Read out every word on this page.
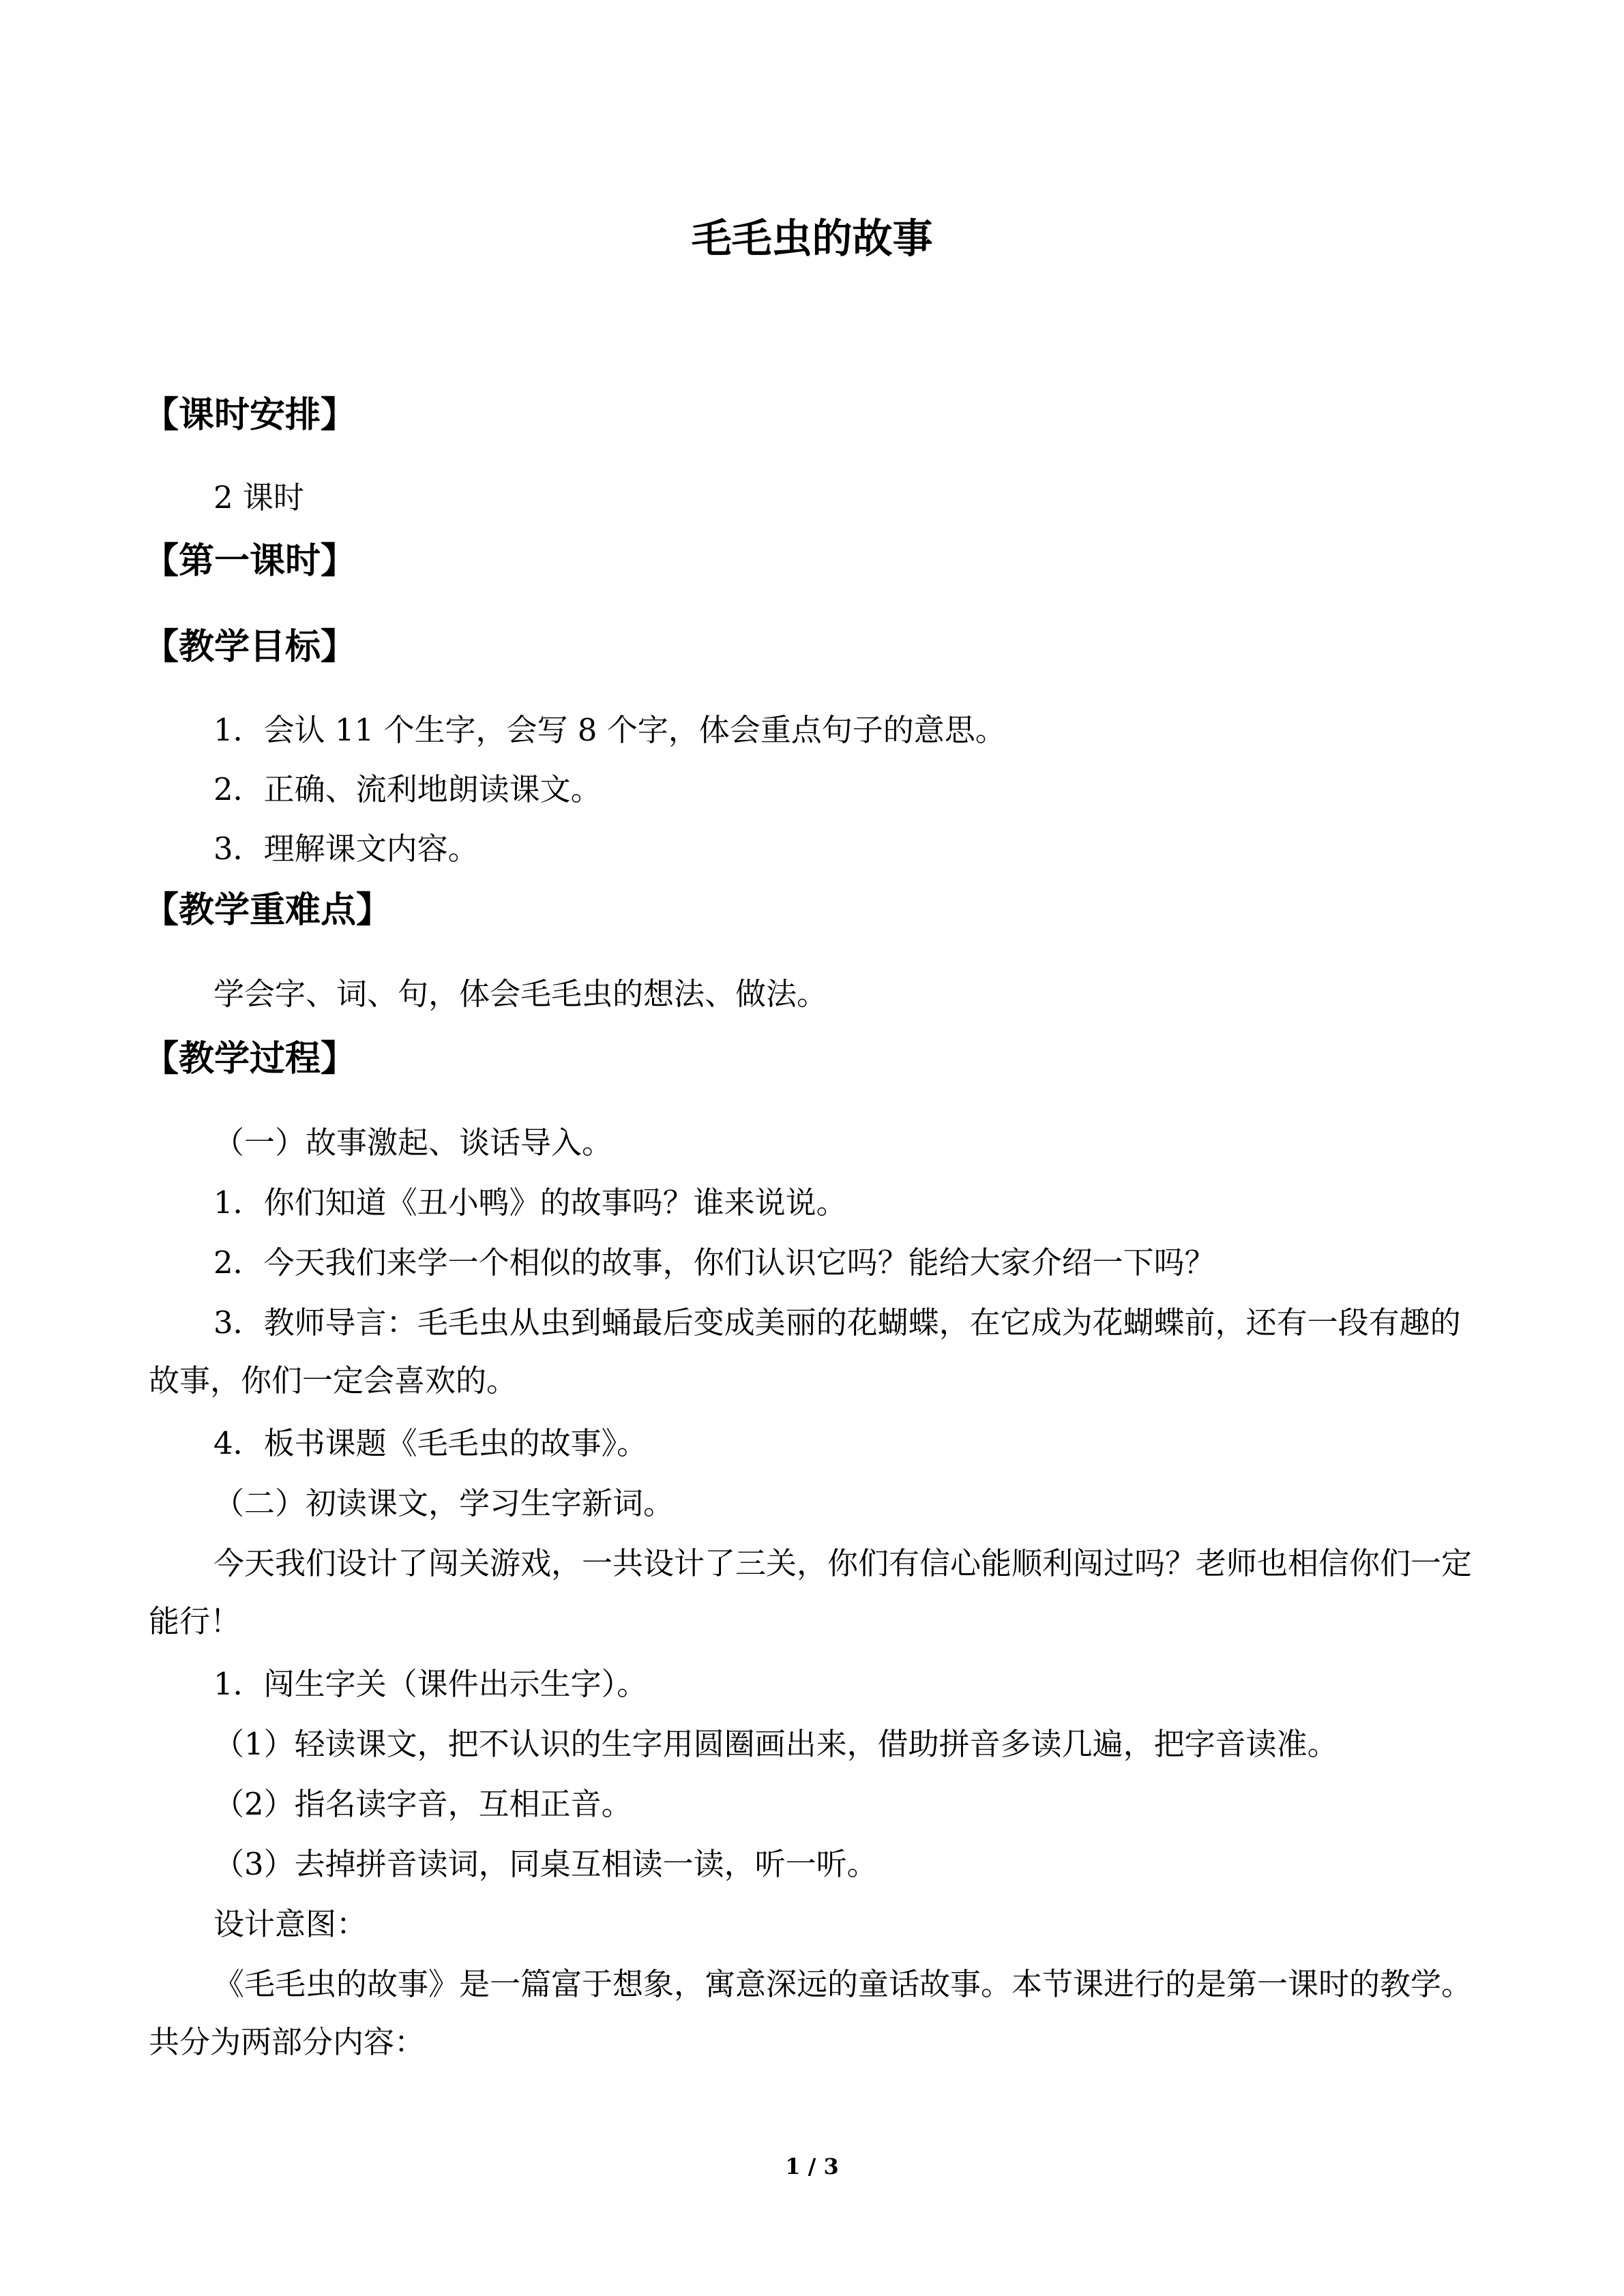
毛毛虫的故事
【课时安排】
2 课时
【第一课时】
【教学目标】
1．会认 11 个生字，会写 8 个字，体会重点句子的意思。
2．正确、流利地朗读课文。
3．理解课文内容。
【教学重难点】
学会字、词、句，体会毛毛虫的想法、做法。
【教学过程】
（一）故事激起、谈话导入。
1．你们知道《丑小鸭》的故事吗？谁来说说。
2．今天我们来学一个相似的故事，你们认识它吗？能给大家介绍一下吗？
3．教师导言：毛毛虫从虫到蛹最后变成美丽的花蝴蝶，在它成为花蝴蝶前，还有一段有趣的故事，你们一定会喜欢的。
4．板书课题《毛毛虫的故事》。
（二）初读课文，学习生字新词。
今天我们设计了闯关游戏，一共设计了三关，你们有信心能顺利闯过吗？老师也相信你们一定能行！
1．闯生字关（课件出示生字）。
（1）轻读课文，把不认识的生字用圆圈画出来，借助拼音多读几遍，把字音读准。
（2）指名读字音，互相正音。
（3）去掉拼音读词，同桌互相读一读，听一听。
设计意图：
《毛毛虫的故事》是一篇富于想象，寓意深远的童话故事。本节课进行的是第一课时的教学。共分为两部分内容：
1 / 3
